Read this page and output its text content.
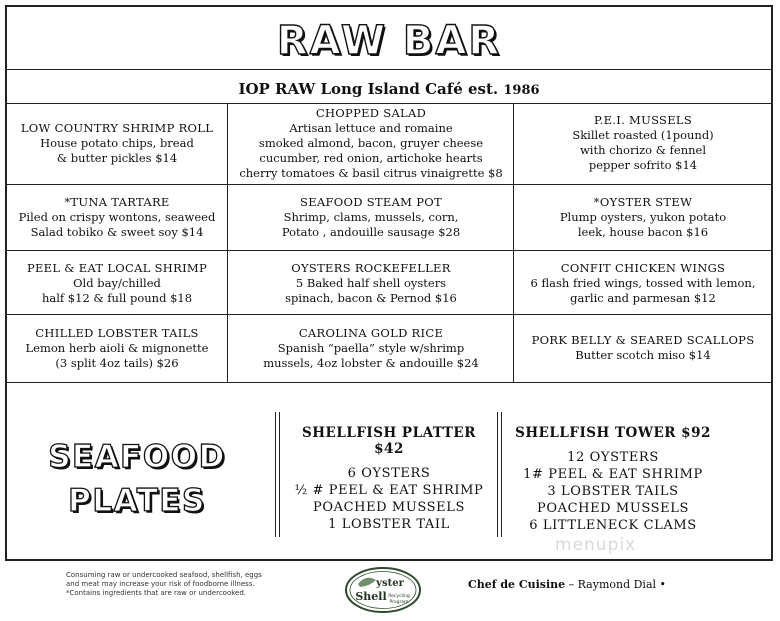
RAW BAR
IOP RAW Long Island Café est. 1986
LOW COUNTRY SHRIMP ROLL
House potato chips, bread
& butter pickles $14
CHOPPED SALAD
Artisan lettuce and romaine
smoked almond, bacon, gruyer cheese
cucumber, red onion, artichoke hearts
cherry tomatoes & basil citrus vinaigrette $8
P.E.I. MUSSELS
Skillet roasted (1pound)
with chorizo & fennel
pepper sofrito $14
*TUNA TARTARE
Piled on crispy wontons, seaweed
Salad tobiko & sweet soy $14
SEAFOOD STEAM POT
Shrimp, clams, mussels, corn,
Potato , andouille sausage $28
*OYSTER STEW
Plump oysters, yukon potato
leek, house bacon $16
PEEL & EAT LOCAL SHRIMP
Old bay/chilled
half $12 & full pound $18
OYSTERS ROCKEFELLER
5 Baked half shell oysters
spinach, bacon & Pernod $16
CONFIT CHICKEN WINGS
6 flash fried wings, tossed with lemon,
garlic and parmesan $12
CHILLED LOBSTER TAILS
Lemon herb aioli & mignonette
(3 split 4oz tails) $26
CAROLINA GOLD RICE
Spanish “paella” style w/shrimp
mussels, 4oz lobster & andouille $24
PORK BELLY & SEARED SCALLOPS
Butter scotch miso $14
SEAFOOD
PLATES
SHELLFISH PLATTER $42
6 OYSTERS
½ # PEEL & EAT SHRIMP
POACHED MUSSELS
1 LOBSTER TAIL
SHELLFISH TOWER $92
12 OYSTERS
1# PEEL & EAT SHRIMP
3 LOBSTER TAILS
POACHED MUSSELS
6 LITTLENECK CLAMS
menupix
Consuming raw or undercooked seafood, shellfish, eggs
and meat may increase your risk of foodborne illness.
*Contains ingredients that are raw or undercooked.
yster
Shell Recycling
Program
Chef de Cuisine – Raymond Dial •
